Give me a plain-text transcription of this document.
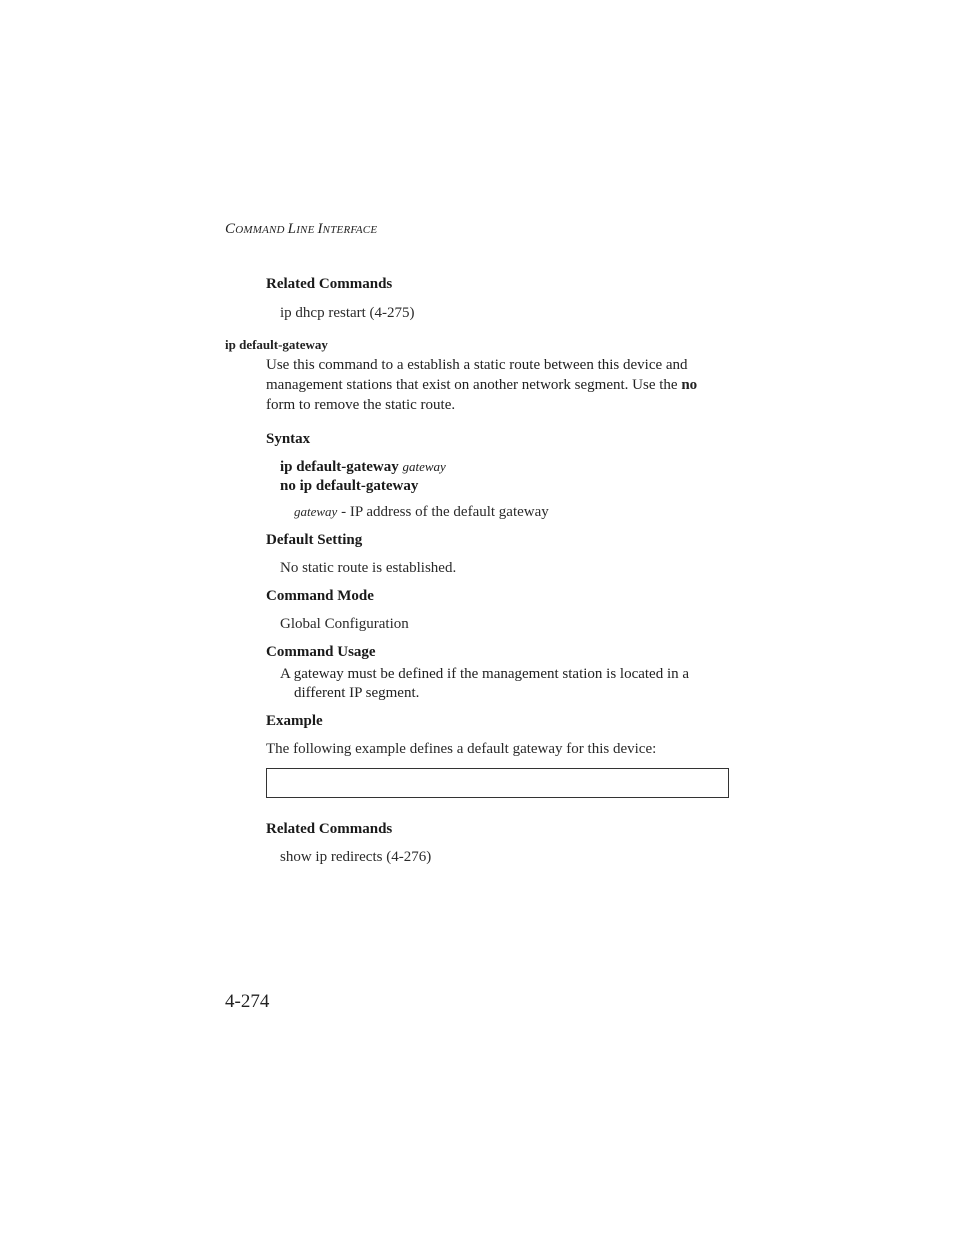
COMMAND LINE INTERFACE
Related Commands
ip dhcp restart (4-275)
ip default-gateway
Use this command to a establish a static route between this device and management stations that exist on another network segment. Use the no form to remove the static route.
Syntax
ip default-gateway gateway
no ip default-gateway
gateway - IP address of the default gateway
Default Setting
No static route is established.
Command Mode
Global Configuration
Command Usage
A gateway must be defined if the management station is located in a different IP segment.
Example
The following example defines a default gateway for this device:
Related Commands
show ip redirects (4-276)
4-274
